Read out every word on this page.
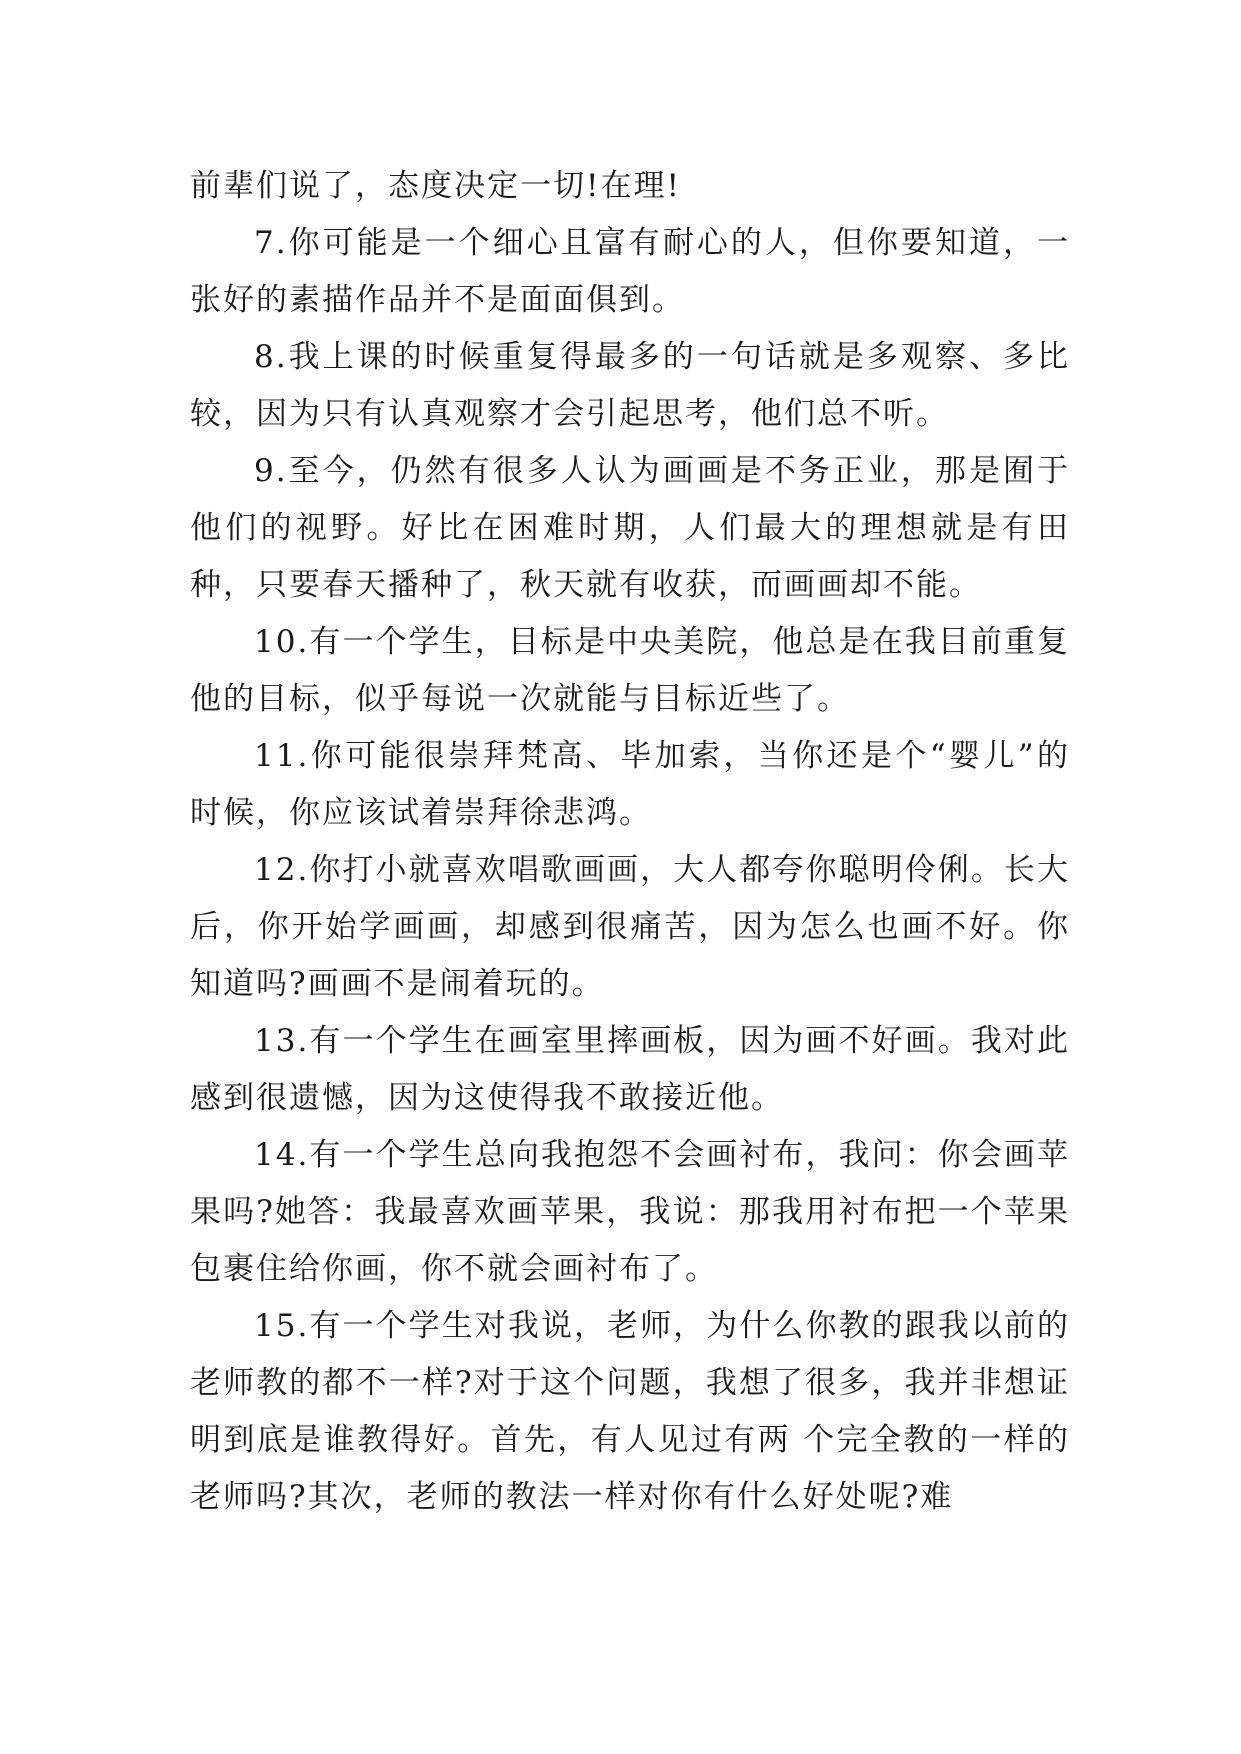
前辈们说了，态度决定一切!在理!

7.你可能是一个细心且富有耐心的人，但你要知道，一张好的素描作品并不是面面俱到。

8.我上课的时候重复得最多的一句话就是多观察、多比较，因为只有认真观察才会引起思考，他们总不听。

9.至今，仍然有很多人认为画画是不务正业，那是囿于他们的视野。好比在困难时期，人们最大的理想就是有田种，只要春天播种了，秋天就有收获，而画画却不能。

10.有一个学生，目标是中央美院，他总是在我目前重复他的目标，似乎每说一次就能与目标近些了。

11.你可能很崇拜梵高、毕加索，当你还是个“婴儿”的时候，你应该试着崇拜徐悲鸿。

12.你打小就喜欢唱歌画画，大人都夸你聪明伶俐。长大后，你开始学画画，却感到很痛苦，因为怎么也画不好。你知道吗?画画不是闹着玩的。

13.有一个学生在画室里摔画板，因为画不好画。我对此感到很遗憾，因为这使得我不敢接近他。

14.有一个学生总向我抱怨不会画衬布，我问：你会画苹果吗?她答：我最喜欢画苹果，我说：那我用衬布把一个苹果包裹住给你画，你不就会画衬布了。

15.有一个学生对我说，老师，为什么你教的跟我以前的老师教的都不一样?对于这个问题，我想了很多，我并非想证明到底是谁教得好。首先，有人见过有两 个完全教的一样的老师吗?其次，老师的教法一样对你有什么好处呢?难
